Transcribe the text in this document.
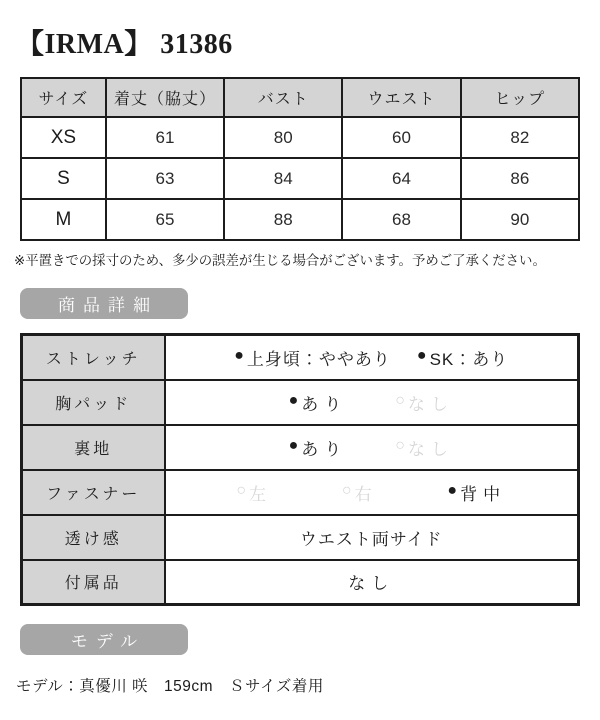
【IRMA】 31386
サイズ	着丈（脇丈）	バスト	ウエスト	ヒップ
XS	61	80	60	82
S	63	84	64	86
M	65	88	68	90

※平置きでの採寸のため、多少の誤差が生じる場合がございます。予めご了承ください。

商品詳細
ストレッチ	● 上身頃：ややあり ● SK：あり

胸パッド	● あり ○ なし

裏地	● あり ○ なし

ファスナー	○ 左	○ 右	● 背中

透け感	ウエスト両サイド

付属品	なし
モデル

モデル：真優川 咲　159cm　Ｓサイズ着用
